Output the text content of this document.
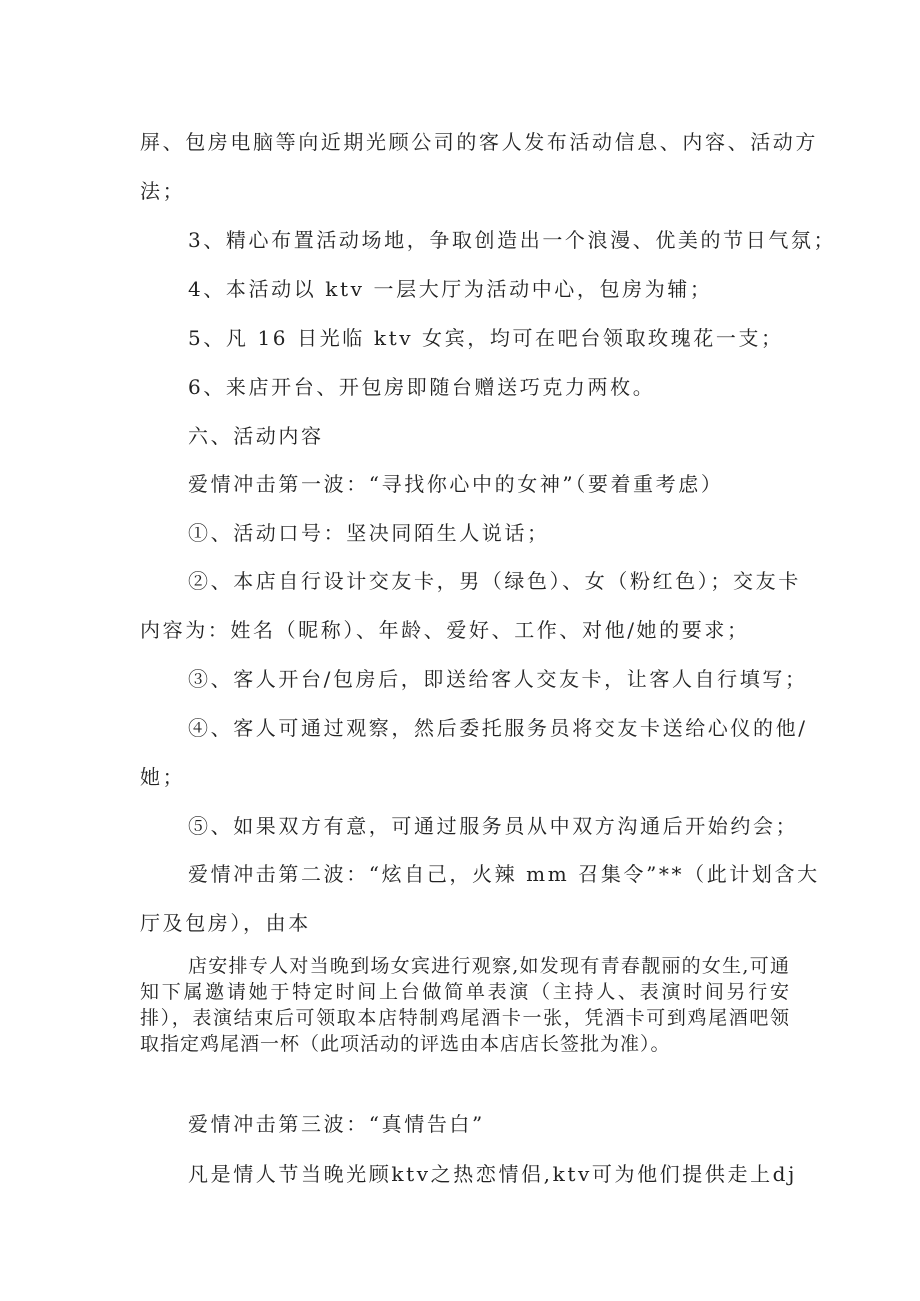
屏、包房电脑等向近期光顾公司的客人发布活动信息、内容、活动方

法；

3、精心布置活动场地，争取创造出一个浪漫、优美的节日气氛；

4、本活动以 ktv 一层大厅为活动中心，包房为辅；

5、凡 16 日光临 ktv 女宾，均可在吧台领取玫瑰花一支；

6、来店开台、开包房即随台赠送巧克力两枚。

六、活动内容

爱情冲击第一波：“寻找你心中的女神”（要着重考虑）

①、活动口号：坚决同陌生人说话；

②、本店自行设计交友卡，男（绿色）、女（粉红色）；交友卡

内容为：姓名（昵称）、年龄、爱好、工作、对他/她的要求；

③、客人开台/包房后，即送给客人交友卡，让客人自行填写；

④、客人可通过观察，然后委托服务员将交友卡送给心仪的他/

她；

⑤、如果双方有意，可通过服务员从中双方沟通后开始约会；

爱情冲击第二波：“炫自己，火辣 mm 召集令”**（此计划含大

厅及包房），由本

店安排专人对当晚到场女宾进行观察,如发现有青春靓丽的女生,可通知下属邀请她于特定时间上台做简单表演（主持人、表演时间另行安排），表演结束后可领取本店特制鸡尾酒卡一张，凭酒卡可到鸡尾酒吧领取指定鸡尾酒一杯（此项活动的评选由本店店长签批为准）。

爱情冲击第三波：“真情告白”

凡是情人节当晚光顾ktv之热恋情侣,ktv可为他们提供走上dj
